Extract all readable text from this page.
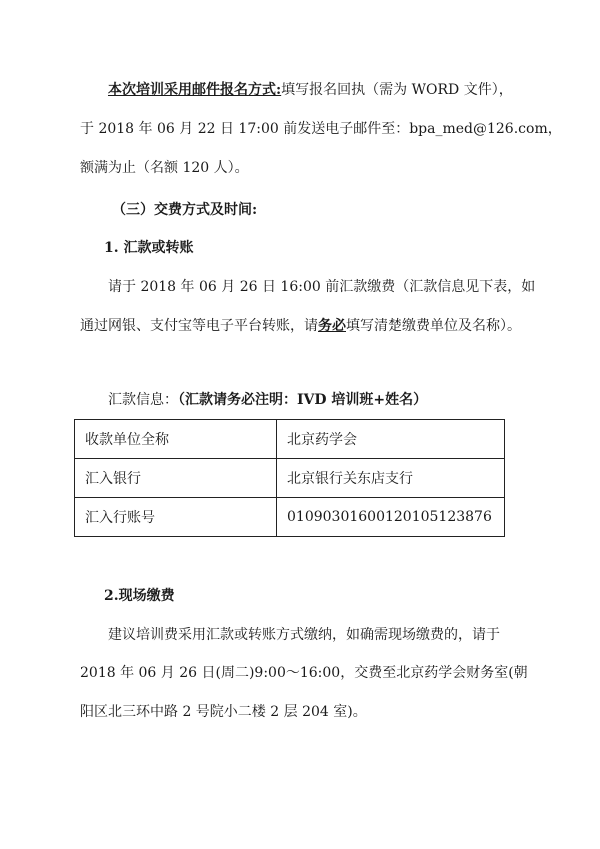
本次培训采用邮件报名方式:填写报名回执（需为 WORD 文件），
于 2018 年 06 月 22 日 17:00 前发送电子邮件至：bpa_med@126.com，
额满为止（名额 120 人）。
（三）交费方式及时间:
1. 汇款或转账
请于 2018 年 06 月 26 日 16:00 前汇款缴费（汇款信息见下表，如
通过网银、支付宝等电子平台转账，请务必填写清楚缴费单位及名称）。
汇款信息：（汇款请务必注明：IVD 培训班+姓名）
收款单位全称	北京药学会
汇入银行	北京银行关东店支行
汇入行账号	01090301600120105123876
2.现场缴费
建议培训费采用汇款或转账方式缴纳，如确需现场缴费的，请于
2018 年 06 月 26 日(周二)9:00～16:00，交费至北京药学会财务室(朝
阳区北三环中路 2 号院小二楼 2 层 204 室)。
